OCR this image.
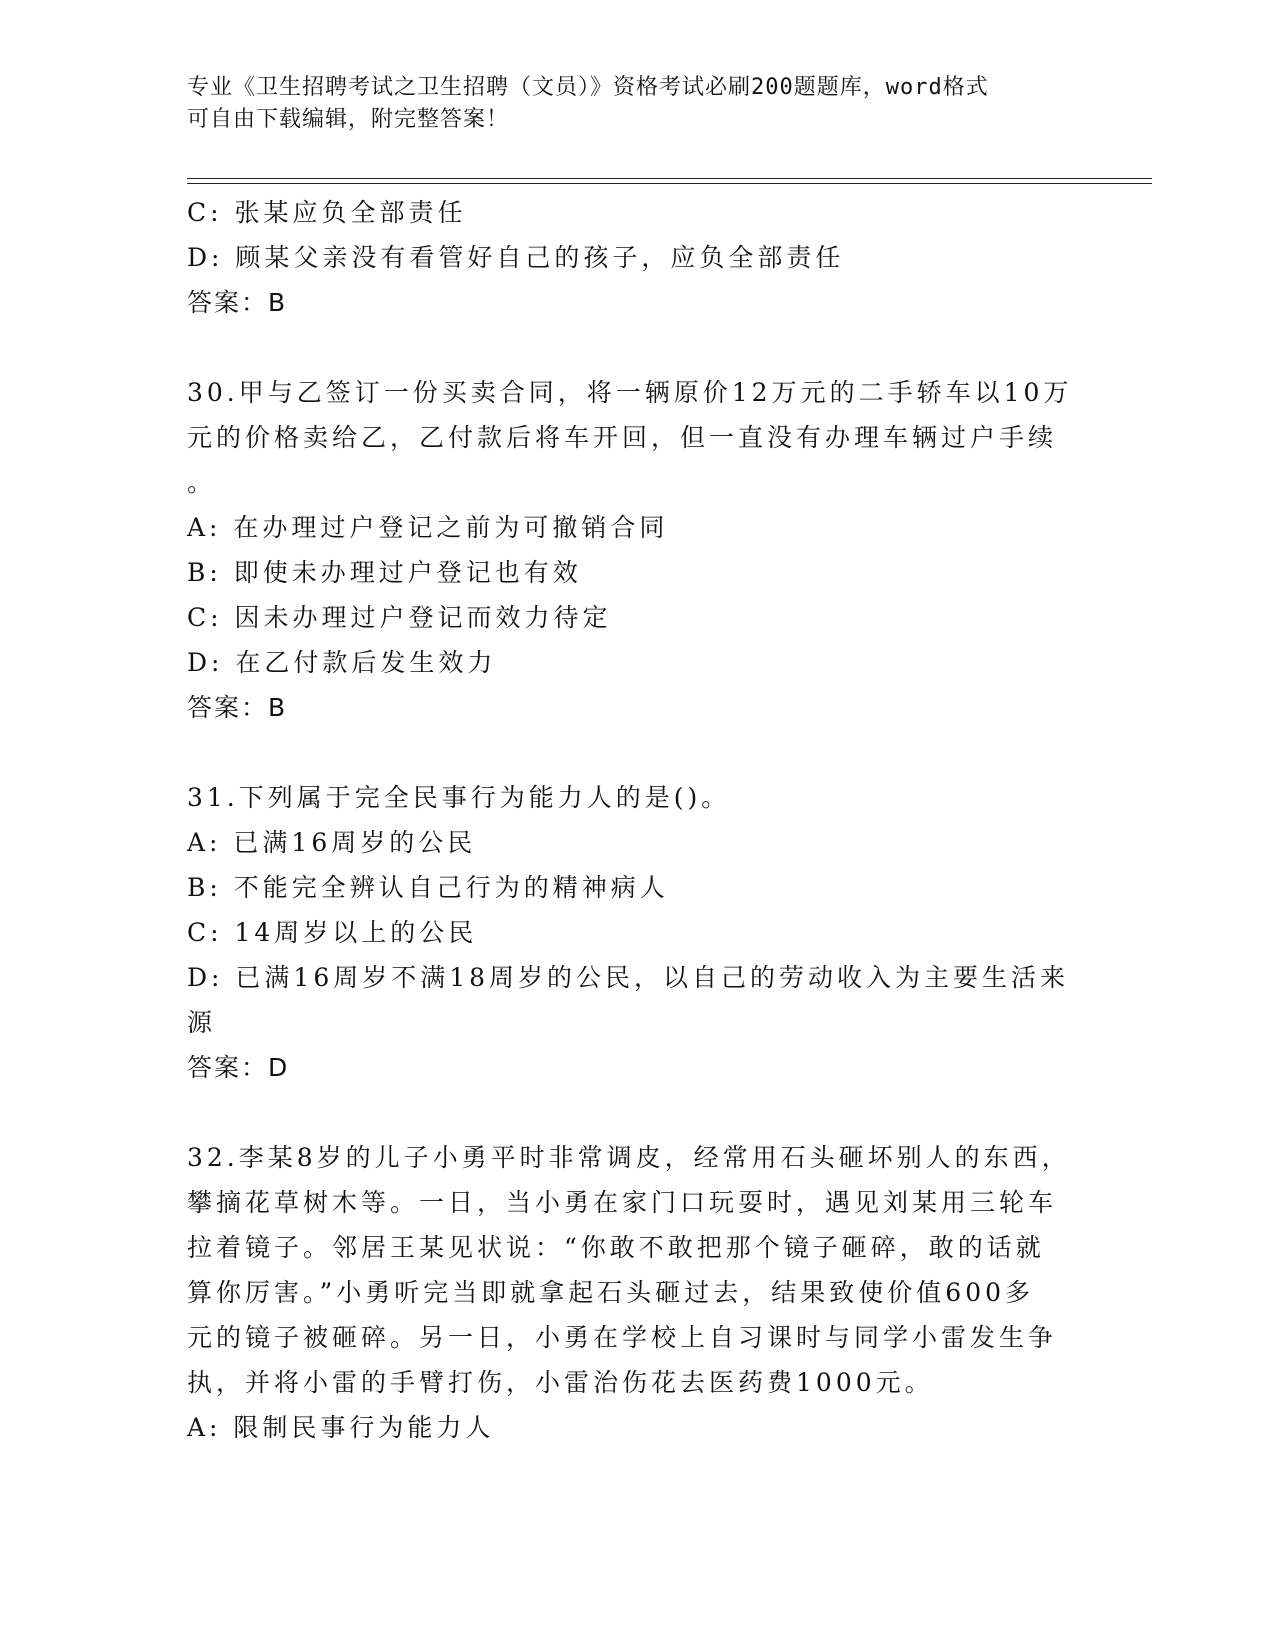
专业《卫生招聘考试之卫生招聘（文员）》资格考试必刷200题题库，word格式
可自由下载编辑，附完整答案！
C: 张某应负全部责任
D: 顾某父亲没有看管好自己的孩子，应负全部责任
答案：B
30.甲与乙签订一份买卖合同，将一辆原价12万元的二手轿车以10万
元的价格卖给乙，乙付款后将车开回，但一直没有办理车辆过户手续
。
A: 在办理过户登记之前为可撤销合同
B: 即使未办理过户登记也有效
C: 因未办理过户登记而效力待定
D: 在乙付款后发生效力
答案：B
31.下列属于完全民事行为能力人的是()。
A: 已满16周岁的公民
B: 不能完全辨认自己行为的精神病人
C: 14周岁以上的公民
D: 已满16周岁不满18周岁的公民，以自己的劳动收入为主要生活来
源
答案：D
32.李某8岁的儿子小勇平时非常调皮，经常用石头砸坏别人的东西，
攀摘花草树木等。一日，当小勇在家门口玩耍时，遇见刘某用三轮车
拉着镜子。邻居王某见状说：“你敢不敢把那个镜子砸碎，敢的话就
算你厉害。”小勇听完当即就拿起石头砸过去，结果致使价值600多
元的镜子被砸碎。另一日，小勇在学校上自习课时与同学小雷发生争
执，并将小雷的手臂打伤，小雷治伤花去医药费1000元。
A: 限制民事行为能力人
